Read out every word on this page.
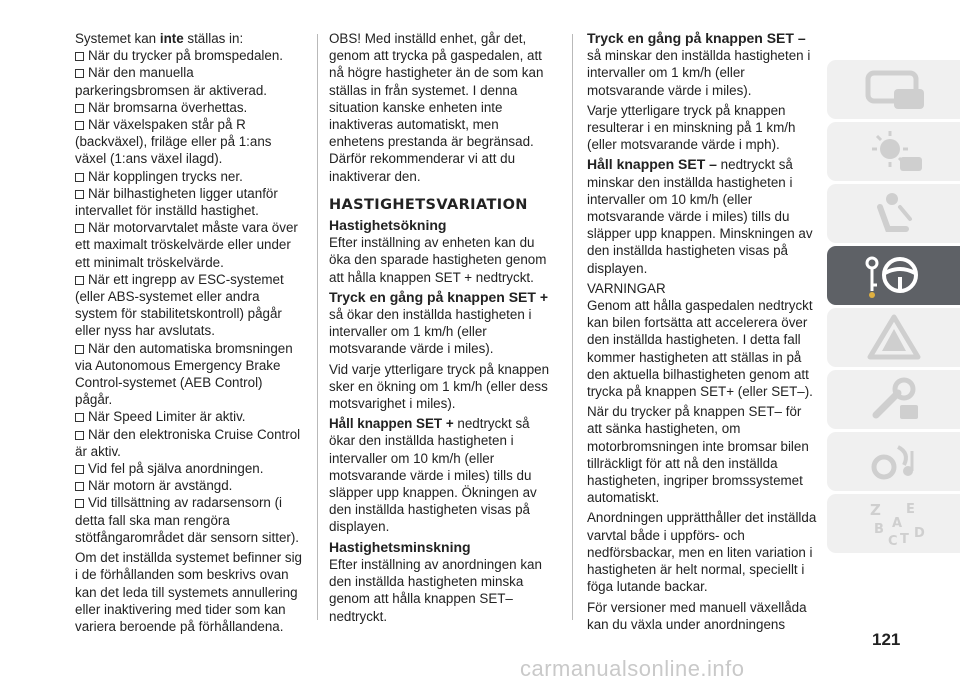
Systemet kan inte ställas in:

När du trycker på bromspedalen.
När den manuella parkeringsbromsen är aktiverad.
När bromsarna överhettas.
När växelspaken står på R (backväxel), friläge eller på 1:ans växel (1:ans växel ilagd).
När kopplingen trycks ner.
När bilhastigheten ligger utanför intervallet för inställd hastighet.
När motorvarvtalet måste vara över ett maximalt tröskelvärde eller under ett minimalt tröskelvärde.
När ett ingrepp av ESC-systemet (eller ABS-systemet eller andra system för stabilitetskontroll) pågår eller nyss har avslutats.
När den automatiska bromsningen via Autonomous Emergency Brake Control-systemet (AEB Control) pågår.
När Speed Limiter är aktiv.
När den elektroniska Cruise Control är aktiv.
Vid fel på själva anordningen.
När motorn är avstängd.
Vid tillsättning av radarsensorn (i detta fall ska man rengöra stötfångarområdet där sensorn sitter).

Om det inställda systemet befinner sig i de förhållanden som beskrivs ovan kan det leda till systemets annullering eller inaktivering med tider som kan variera beroende på förhållandena.

OBS! Med inställd enhet, går det, genom att trycka på gaspedalen, att nå högre hastigheter än de som kan ställas in från systemet. I denna situation kanske enheten inte inaktiveras automatiskt, men enhetens prestanda är begränsad. Därför rekommenderar vi att du inaktiverar den.

HASTIGHETSVARIATION
Hastighetsökning

Efter inställning av enheten kan du öka den sparade hastigheten genom att hålla knappen SET + nedtryckt.

Tryck en gång på knappen SET +

så ökar den inställda hastigheten i intervaller om 1 km/h (eller motsvarande värde i miles).

Vid varje ytterligare tryck på knappen sker en ökning om 1 km/h (eller dess motsvarighet i miles).

Håll knappen SET + nedtryckt så ökar den inställda hastigheten i intervaller om 10 km/h (eller motsvarande värde i miles) tills du släpper upp knappen. Ökningen av den inställda hastigheten visas på displayen.

Hastighetsminskning

Efter inställning av anordningen kan den inställda hastigheten minska genom att hålla knappen SET– nedtryckt.

Tryck en gång på knappen SET – så minskar den inställda hastigheten i intervaller om 1 km/h (eller motsvarande värde i miles).

Varje ytterligare tryck på knappen resulterar i en minskning på 1 km/h (eller motsvarande värde i mph).

Håll knappen SET – nedtryckt så minskar den inställda hastigheten i intervaller om 10 km/h (eller motsvarande värde i miles) tills du släpper upp knappen. Minskningen av den inställda hastigheten visas på displayen.

VARNINGAR

Genom att hålla gaspedalen nedtryckt kan bilen fortsätta att accelerera över den inställda hastigheten. I detta fall kommer hastigheten att ställas in på den aktuella bilhastigheten genom att trycka på knappen SET+ (eller SET–).

När du trycker på knappen SET– för att sänka hastigheten, om motorbromsningen inte bromsar bilen tillräckligt för att nå den inställda hastigheten, ingriper bromssystemet automatiskt.

Anordningen upprätthåller det inställda varvtal både i uppförs- och nedförsbackar, men en liten variation i hastigheten är helt normal, speciellt i föga lutande backar.

För versioner med manuell växellåda kan du växla under anordningens

Z E
B
C T D
A
121
carmanualsonline.info
